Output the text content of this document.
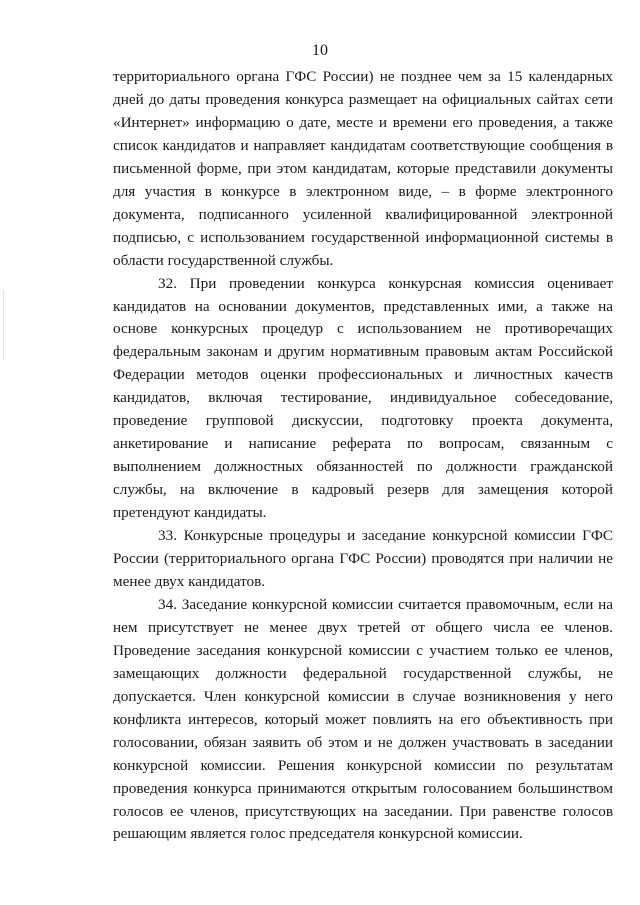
10

территориального органа ГФС России) не позднее чем за 15 календарных дней до даты проведения конкурса размещает на официальных сайтах сети «Интернет» информацию о дате, месте и времени его проведения, а также список кандидатов и направляет кандидатам соответствующие сообщения в письменной форме, при этом кандидатам, которые представили документы для участия в конкурсе в электронном виде, – в форме электронного документа, подписанного усиленной квалифицированной электронной подписью, с использованием государственной информационной системы в области государственной службы.

32. При проведении конкурса конкурсная комиссия оценивает кандидатов на основании документов, представленных ими, а также на основе конкурсных процедур с использованием не противоречащих федеральным законам и другим нормативным правовым актам Российской Федерации методов оценки профессиональных и личностных качеств кандидатов, включая тестирование, индивидуальное собеседование, проведение групповой дискуссии, подготовку проекта документа, анкетирование и написание реферата по вопросам, связанным с выполнением должностных обязанностей по должности гражданской службы, на включение в кадровый резерв для замещения которой претендуют кандидаты.

33. Конкурсные процедуры и заседание конкурсной комиссии ГФС России (территориального органа ГФС России) проводятся при наличии не менее двух кандидатов.

34. Заседание конкурсной комиссии считается правомочным, если на нем присутствует не менее двух третей от общего числа ее членов. Проведение заседания конкурсной комиссии с участием только ее членов, замещающих должности федеральной государственной службы, не допускается. Член конкурсной комиссии в случае возникновения у него конфликта интересов, который может повлиять на его объективность при голосовании, обязан заявить об этом и не должен участвовать в заседании конкурсной комиссии. Решения конкурсной комиссии по результатам проведения конкурса принимаются открытым голосованием большинством голосов ее членов, присутствующих на заседании. При равенстве голосов решающим является голос председателя конкурсной комиссии.
